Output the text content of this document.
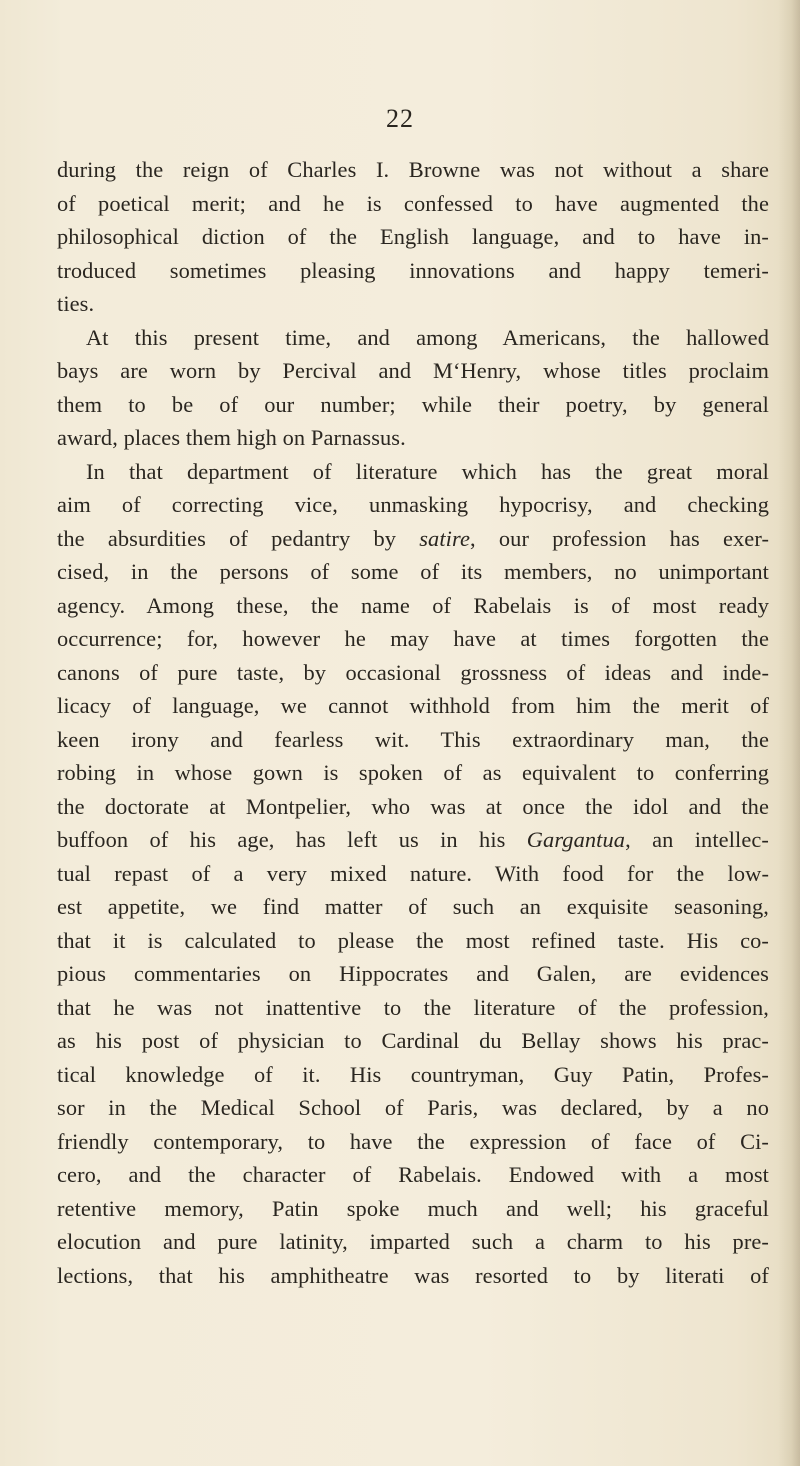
22
during the reign of Charles I. Browne was not without a share
of poetical merit; and he is confessed to have augmented the
philosophical diction of the English language, and to have in-
troduced sometimes pleasing innovations and happy temeri-
ties.
At this present time, and among Americans, the hallowed
bays are worn by Percival and M‘Henry, whose titles proclaim
them to be of our number; while their poetry, by general
award, places them high on Parnassus.
In that department of literature which has the great moral
aim of correcting vice, unmasking hypocrisy, and checking
the absurdities of pedantry by satire, our profession has exer-
cised, in the persons of some of its members, no unimportant
agency. Among these, the name of Rabelais is of most ready
occurrence; for, however he may have at times forgotten the
canons of pure taste, by occasional grossness of ideas and inde-
licacy of language, we cannot withhold from him the merit of
keen irony and fearless wit. This extraordinary man, the
robing in whose gown is spoken of as equivalent to conferring
the doctorate at Montpelier, who was at once the idol and the
buffoon of his age, has left us in his Gargantua, an intellec-
tual repast of a very mixed nature. With food for the low-
est appetite, we find matter of such an exquisite seasoning,
that it is calculated to please the most refined taste. His co-
pious commentaries on Hippocrates and Galen, are evidences
that he was not inattentive to the literature of the profession,
as his post of physician to Cardinal du Bellay shows his prac-
tical knowledge of it. His countryman, Guy Patin, Profes-
sor in the Medical School of Paris, was declared, by a no
friendly contemporary, to have the expression of face of Ci-
cero, and the character of Rabelais. Endowed with a most
retentive memory, Patin spoke much and well; his graceful
elocution and pure latinity, imparted such a charm to his pre-
lections, that his amphitheatre was resorted to by literati of
